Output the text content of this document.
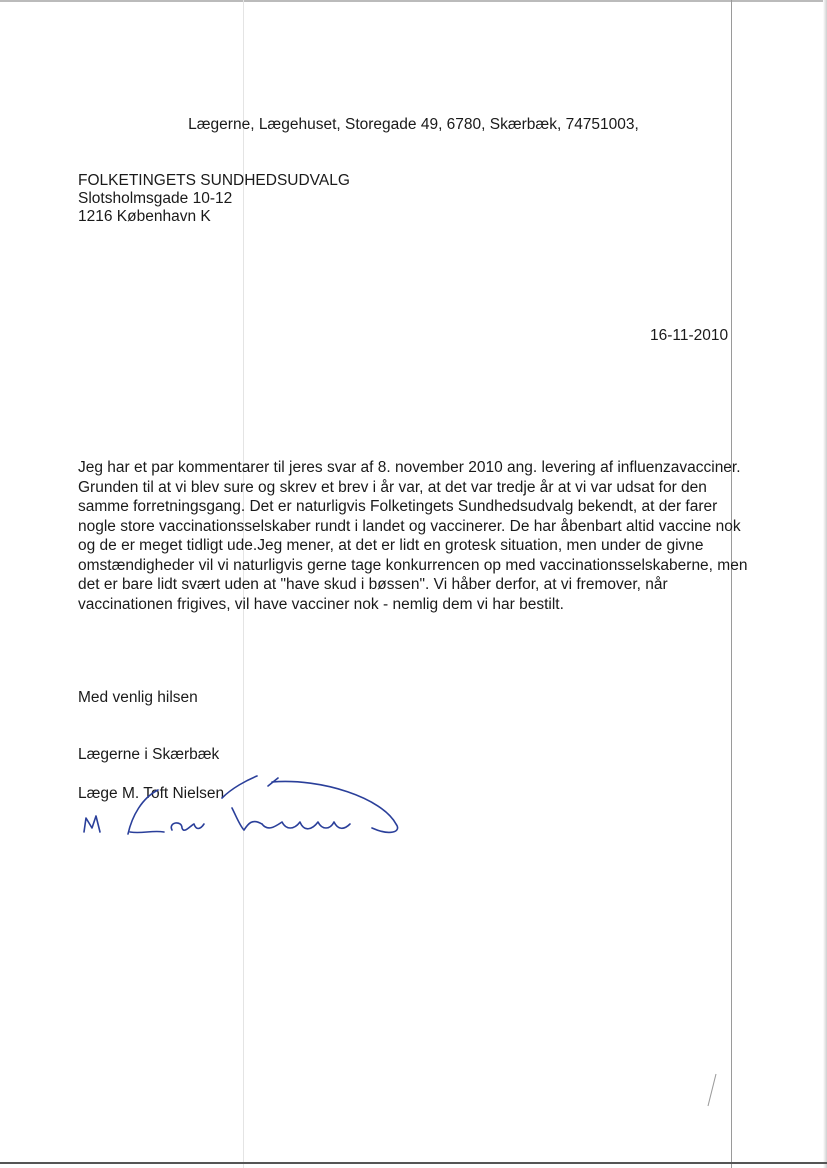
Lægerne, Lægehuset, Storegade 49, 6780, Skærbæk, 74751003,
FOLKETINGETS SUNDHEDSUDVALG
Slotsholmsgade 10-12
1216 København K
16-11-2010

Jeg har et par kommentarer til jeres svar af 8. november 2010 ang. levering af influenzavacciner.

Grunden til at vi blev sure og skrev et brev i år var, at det var tredje år at vi var udsat for den samme forretningsgang. Det er naturligvis Folketingets Sundhedsudvalg bekendt, at der farer nogle store vaccinationsselskaber rundt i landet og vaccinerer. De har åbenbart altid vaccine nok og de er meget tidligt ude.Jeg mener, at det er lidt en grotesk situation, men under de givne omstændigheder vil vi naturligvis gerne tage konkurrencen op med vaccinationsselskaberne, men det er bare lidt svært uden at "have skud i bøssen". Vi håber derfor, at vi fremover, når vaccinationen frigives, vil have vacciner nok - nemlig dem vi har bestilt.

Med venlig hilsen
Lægerne i Skærbæk
Læge M. Toft Nielsen
